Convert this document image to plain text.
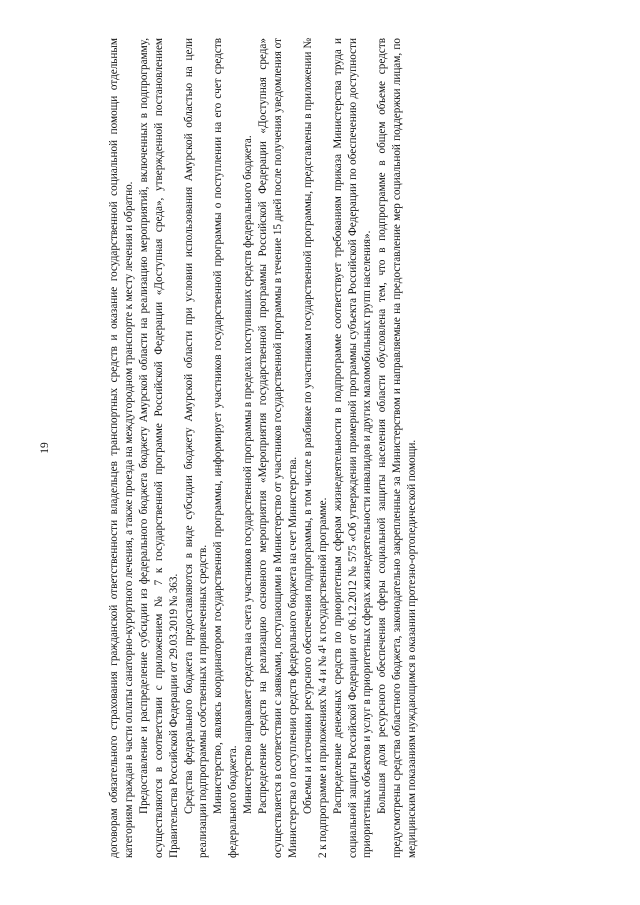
19	договорам обязательного страхования гражданской ответственности владельцев транспортных средств и оказание государственной социальной помощи отдельным категориям граждан в части оплаты санаторно-курортного лечения, а также проезда на междугородном транспорте к месту лечения и обратно. Предоставление и распределение субсидии из федерального бюджета бюджету Амурской области на реализацию мероприятий, включенных в подпрограмму, осуществляются в соответствии с приложением № 7 к государственной программе Российской Федерации «Доступная среда», утвержденной постановлением Правительства Российской Федерации от 29.03.2019 № 363. Средства федерального бюджета предоставляются в виде субсидии бюджету Амурской области при условии использования Амурской областью на цели реализации подпрограммы собственных и привлеченных средств. Министерство, являясь координатором государственной программы, информирует участников государственной программы о поступлении на его счет средств федерального бюджета. Министерство направляет средства на счета участников государственной программы в пределах поступивших средств федерального бюджета. Распределение средств на реализацию основного мероприятия «Мероприятия государственной программы Российской Федерации «Доступная среда» осуществляется в соответствии с заявками, поступающими в Министерство от участников государственной программы в течение 15 дней после получения уведомления от Министерства о поступлении средств федерального бюджета на счет Министерства. Объемы и источники ресурсного обеспечения подпрограммы, в том числе в разбивке по участникам государственной программы, представлены в приложении № 2 к подпрограмме и приложениях № 4 и № 4¹ к государственной программе. Распределение денежных средств по приоритетным сферам жизнедеятельности в подпрограмме соответствует требованиям приказа Министерства труда и социальной защиты Российской Федерации от 06.12.2012 № 575 «Об утверждении примерной программы субъекта Российской Федерации по обеспечению доступности приоритетных объектов и услуг в приоритетных сферах жизнедеятельности инвалидов и других маломобильных групп населения». Большая доля ресурсного обеспечения сферы социальной защиты населения области обусловлена тем, что в подпрограмме в общем объеме средств предусмотрены средства областного бюджета, законодательно закрепленные за Министерством и направляемые на предоставление мер социальной поддержки лицам, по медицинским показаниям нуждающимся в оказании протезно-ортопедической помощи.
